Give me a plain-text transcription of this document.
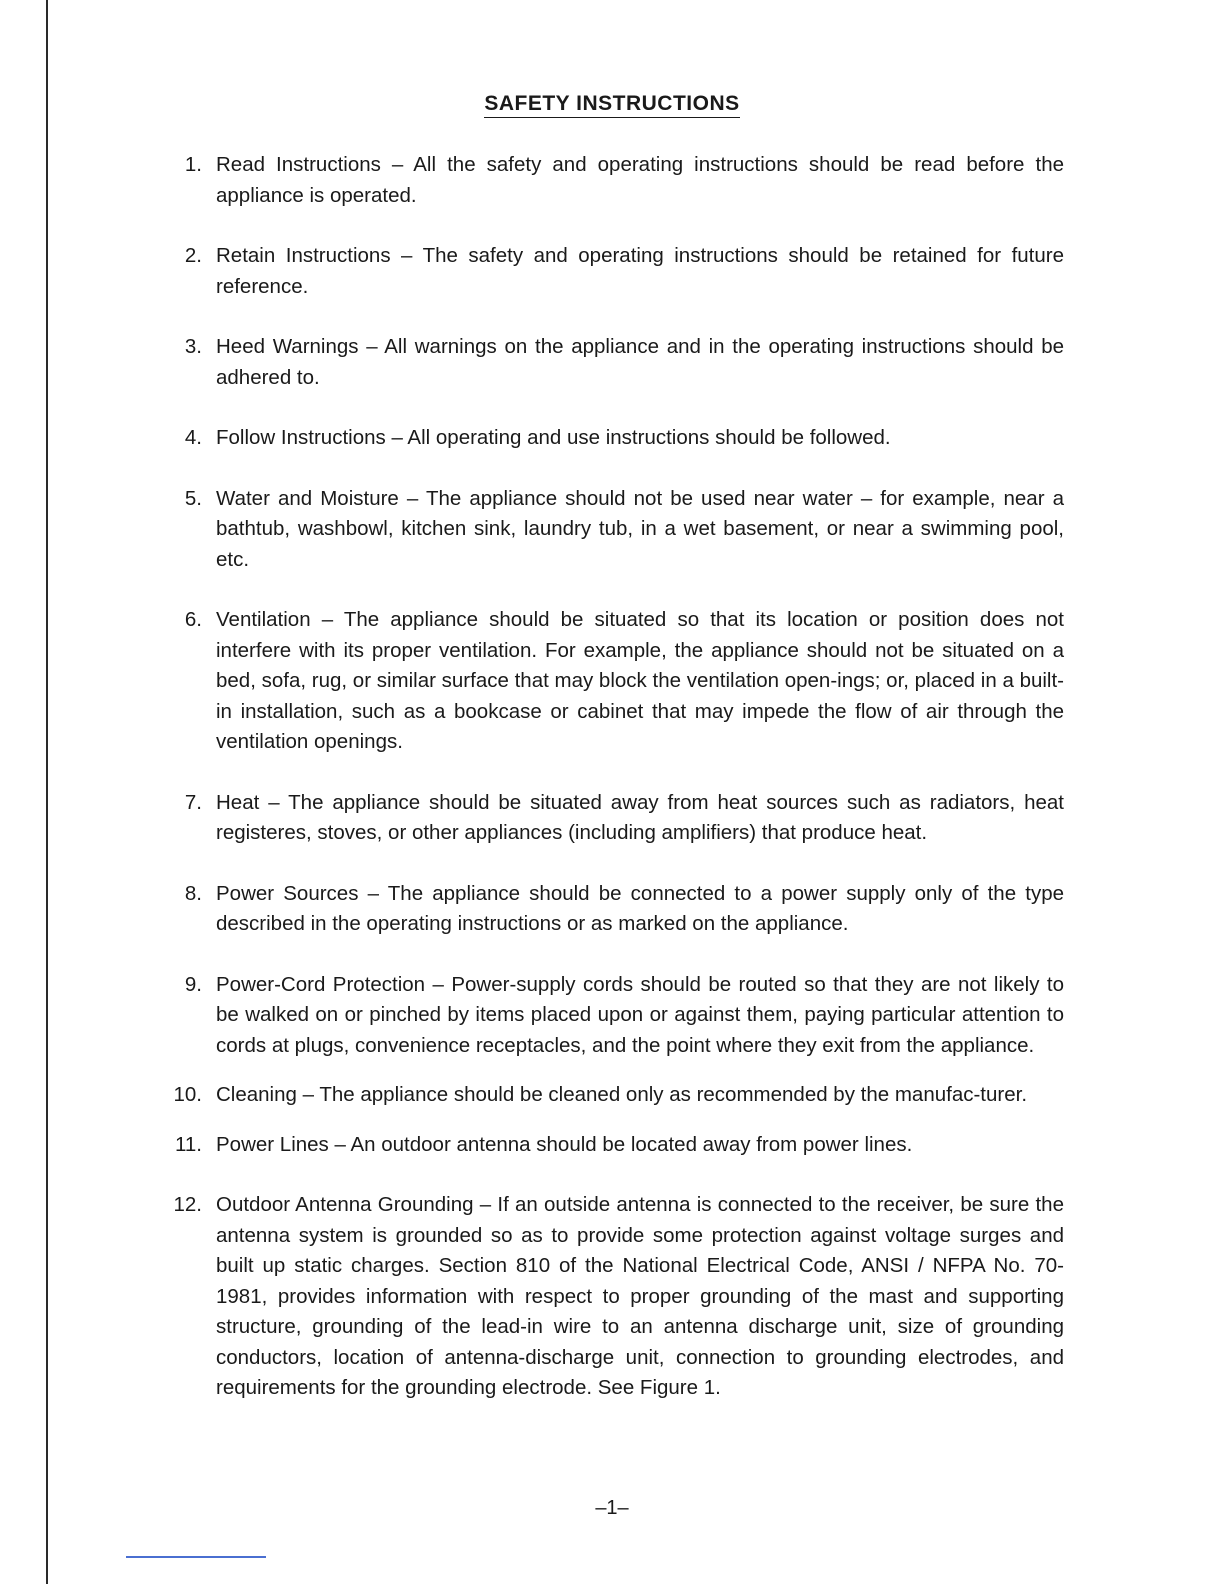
SAFETY INSTRUCTIONS
1. Read Instructions – All the safety and operating instructions should be read before the appliance is operated.
2. Retain Instructions – The safety and operating instructions should be retained for future reference.
3. Heed Warnings – All warnings on the appliance and in the operating instructions should be adhered to.
4. Follow Instructions – All operating and use instructions should be followed.
5. Water and Moisture – The appliance should not be used near water – for example, near a bathtub, washbowl, kitchen sink, laundry tub, in a wet basement, or near a swimming pool, etc.
6. Ventilation – The appliance should be situated so that its location or position does not interfere with its proper ventilation. For example, the appliance should not be situated on a bed, sofa, rug, or similar surface that may block the ventilation open-ings; or, placed in a built-in installation, such as a bookcase or cabinet that may impede the flow of air through the ventilation openings.
7. Heat – The appliance should be situated away from heat sources such as radiators, heat registeres, stoves, or other appliances (including amplifiers) that produce heat.
8. Power Sources – The appliance should be connected to a power supply only of the type described in the operating instructions or as marked on the appliance.
9. Power-Cord Protection – Power-supply cords should be routed so that they are not likely to be walked on or pinched by items placed upon or against them, paying particular attention to cords at plugs, convenience receptacles, and the point where they exit from the appliance.
10. Cleaning – The appliance should be cleaned only as recommended by the manufac-turer.
11. Power Lines – An outdoor antenna should be located away from power lines.
12. Outdoor Antenna Grounding – If an outside antenna is connected to the receiver, be sure the antenna system is grounded so as to provide some protection against voltage surges and built up static charges. Section 810 of the National Electrical Code, ANSI / NFPA No. 70-1981, provides information with respect to proper grounding of the mast and supporting structure, grounding of the lead-in wire to an antenna discharge unit, size of grounding conductors, location of antenna-discharge unit, connection to grounding electrodes, and requirements for the grounding electrode. See Figure 1.
–1–
